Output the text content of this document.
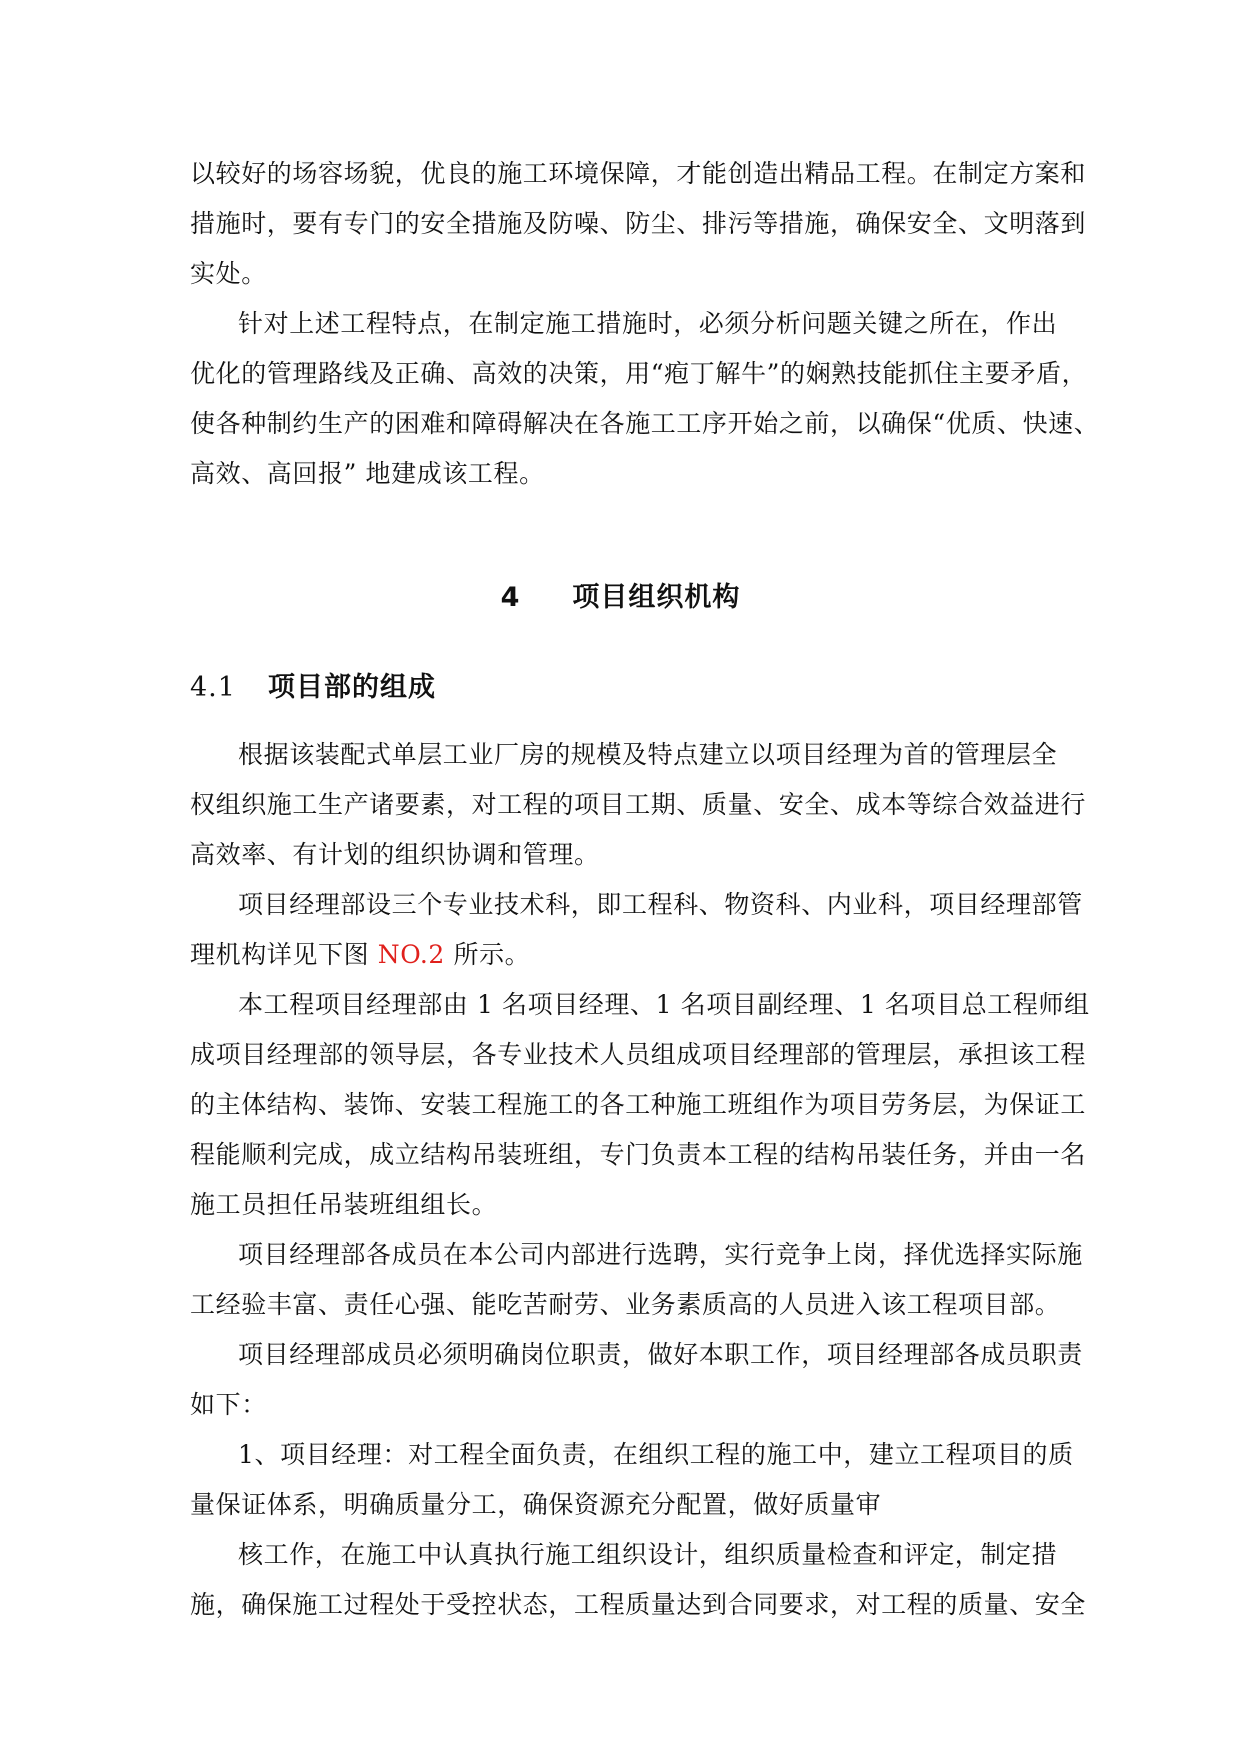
以较好的场容场貌，优良的施工环境保障，才能创造出精品工程。在制定方案和
措施时，要有专门的安全措施及防噪、防尘、排污等措施，确保安全、文明落到
实处。
针对上述工程特点，在制定施工措施时，必须分析问题关键之所在，作出
优化的管理路线及正确、高效的决策，用“疱丁解牛”的娴熟技能抓住主要矛盾，
使各种制约生产的困难和障碍解决在各施工工序开始之前，以确保“优质、快速、
高效、高回报” 地建成该工程。
4 项目组织机构
4.1 项目部的组成
根据该装配式单层工业厂房的规模及特点建立以项目经理为首的管理层全
权组织施工生产诸要素，对工程的项目工期、质量、安全、成本等综合效益进行
高效率、有计划的组织协调和管理。
项目经理部设三个专业技术科，即工程科、物资科、内业科，项目经理部管
理机构详见下图 NO.2 所示。
本工程项目经理部由 1 名项目经理、1 名项目副经理、1 名项目总工程师组
成项目经理部的领导层，各专业技术人员组成项目经理部的管理层，承担该工程
的主体结构、装饰、安装工程施工的各工种施工班组作为项目劳务层，为保证工
程能顺利完成，成立结构吊装班组，专门负责本工程的结构吊装任务，并由一名
施工员担任吊装班组组长。
项目经理部各成员在本公司内部进行选聘，实行竞争上岗，择优选择实际施
工经验丰富、责任心强、能吃苦耐劳、业务素质高的人员进入该工程项目部。
项目经理部成员必须明确岗位职责，做好本职工作，项目经理部各成员职责
如下：
1、项目经理：对工程全面负责，在组织工程的施工中，建立工程项目的质
量保证体系，明确质量分工，确保资源充分配置，做好质量审
核工作，在施工中认真执行施工组织设计，组织质量检查和评定，制定措
施，确保施工过程处于受控状态，工程质量达到合同要求，对工程的质量、安全
